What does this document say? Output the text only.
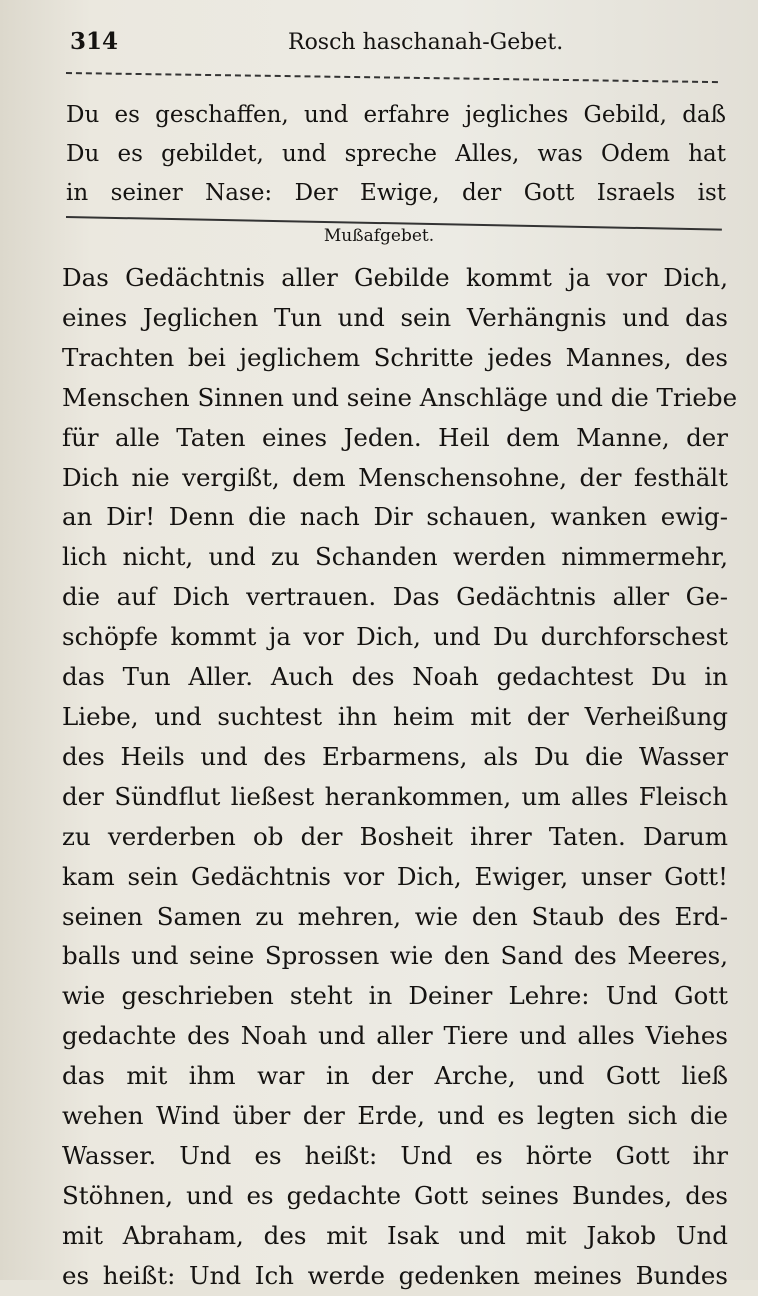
314	Rosch haschanah-Gebet.
Du es geschaffen, und erfahre jegliches Gebild, daß
Du es gebildet, und spreche Alles, was Odem hat
in seiner Nase: Der Ewige, der Gott Israels ist
Mußafgebet.
Das Gedächtnis aller Gebilde kommt ja vor Dich,
eines Jeglichen Tun und sein Verhängnis und das
Trachten bei jeglichem Schritte jedes Mannes, des
Menschen Sinnen und seine Anschläge und die Triebe
für alle Taten eines Jeden. Heil dem Manne, der
Dich nie vergißt, dem Menschensohne, der festhält
an Dir! Denn die nach Dir schauen, wanken ewig-
lich nicht, und zu Schanden werden nimmermehr,
die auf Dich vertrauen. Das Gedächtnis aller Ge-
schöpfe kommt ja vor Dich, und Du durchforschest
das Tun Aller. Auch des Noah gedachtest Du in
Liebe, und suchtest ihn heim mit der Verheißung
des Heils und des Erbarmens, als Du die Wasser
der Sündflut ließest herankommen, um alles Fleisch
zu verderben ob der Bosheit ihrer Taten. Darum
kam sein Gedächtnis vor Dich, Ewiger, unser Gott!
seinen Samen zu mehren, wie den Staub des Erd-
balls und seine Sprossen wie den Sand des Meeres,
wie geschrieben steht in Deiner Lehre: Und Gott
gedachte des Noah und aller Tiere und alles Viehes
das mit ihm war in der Arche, und Gott ließ
wehen Wind über der Erde, und es legten sich die
Wasser. Und es heißt: Und es hörte Gott ihr
Stöhnen, und es gedachte Gott seines Bundes, des
mit Abraham, des mit Isak und mit Jakob Und
es heißt: Und Ich werde gedenken meines Bundes
